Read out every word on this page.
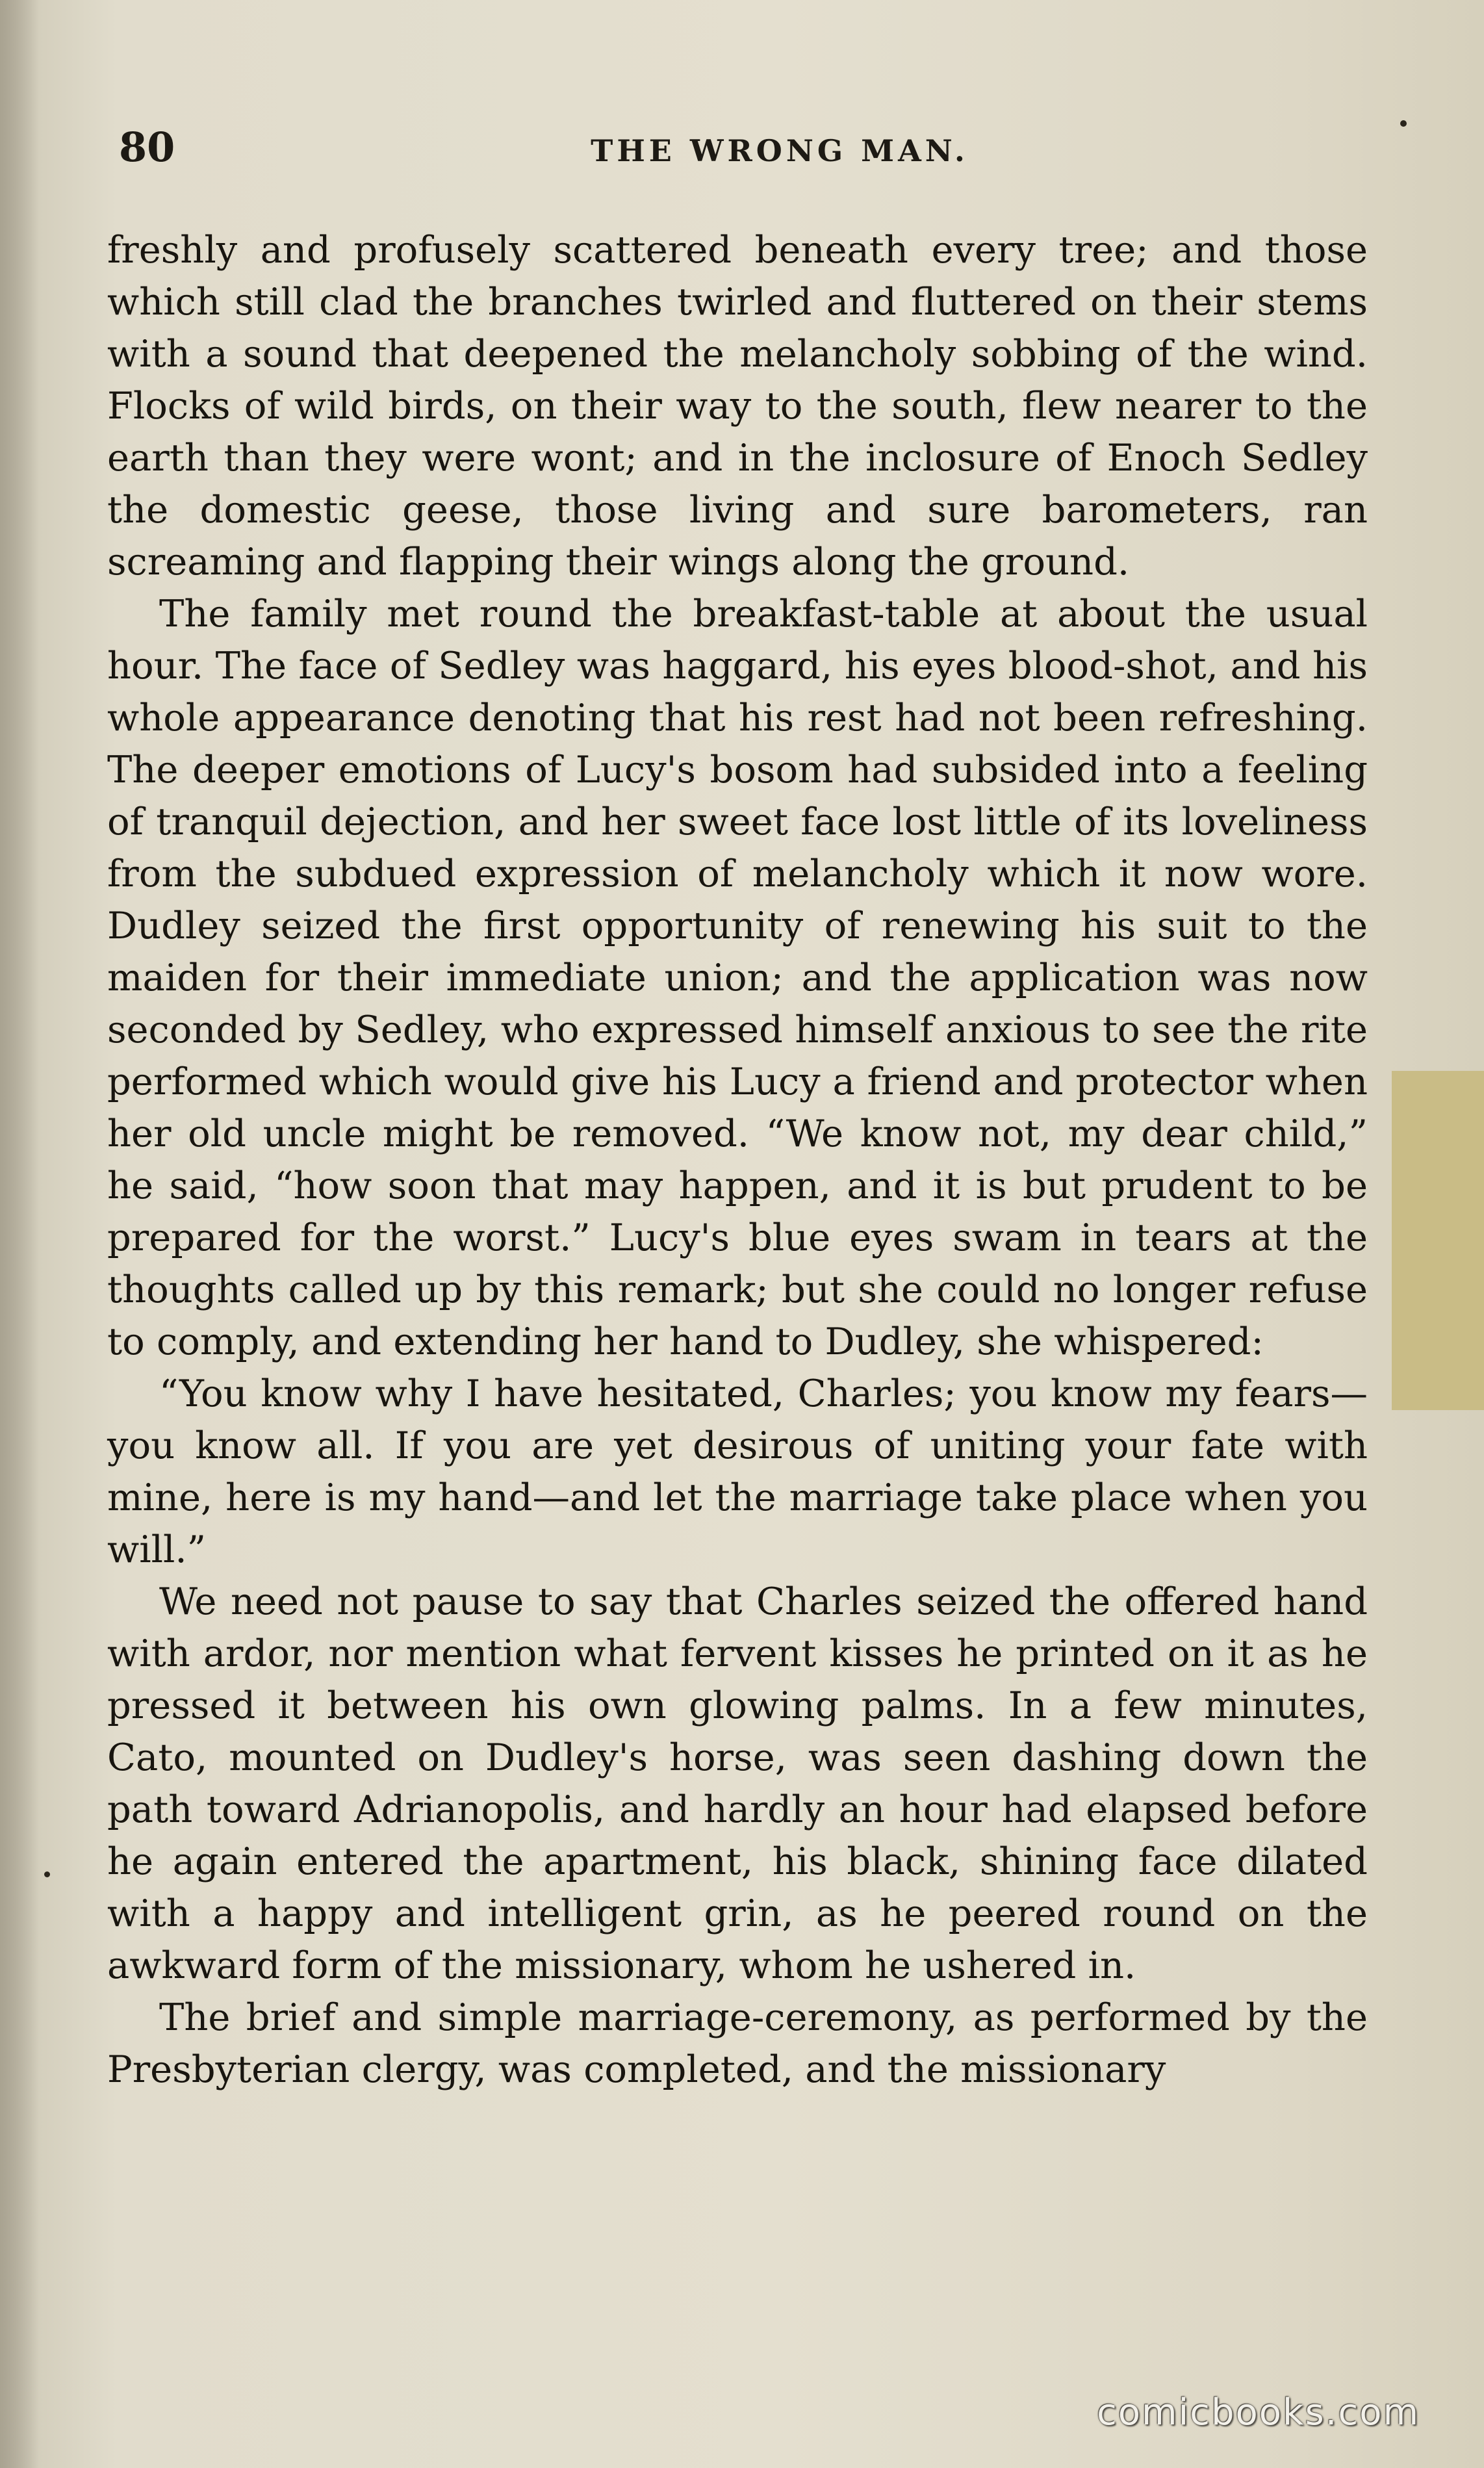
80	THE WRONG MAN.

freshly and profusely scattered beneath every tree; and those which still clad the branches twirled and fluttered on their stems with a sound that deepened the melancholy sobbing of the wind. Flocks of wild birds, on their way to the south, flew nearer to the earth than they were wont; and in the inclosure of Enoch Sedley the domestic geese, those living and sure barometers, ran screaming and flapping their wings along the ground.

The family met round the breakfast-table at about the usual hour. The face of Sedley was haggard, his eyes blood-shot, and his whole appearance denoting that his rest had not been refreshing. The deeper emotions of Lucy's bosom had subsided into a feeling of tranquil dejection, and her sweet face lost little of its loveliness from the subdued expression of melancholy which it now wore. Dudley seized the first opportunity of renewing his suit to the maiden for their immediate union; and the application was now seconded by Sedley, who expressed himself anxious to see the rite performed which would give his Lucy a friend and protector when her old uncle might be removed. “We know not, my dear child,” he said, “how soon that may happen, and it is but prudent to be prepared for the worst.” Lucy's blue eyes swam in tears at the thoughts called up by this remark; but she could no longer refuse to comply, and extending her hand to Dudley, she whispered:

“You know why I have hesitated, Charles; you know my fears—you know all. If you are yet desirous of uniting your fate with mine, here is my hand—and let the marriage take place when you will.”

We need not pause to say that Charles seized the offered hand with ardor, nor mention what fervent kisses he printed on it as he pressed it between his own glowing palms. In a few minutes, Cato, mounted on Dudley's horse, was seen dashing down the path toward Adrianopolis, and hardly an hour had elapsed before he again entered the apartment, his black, shining face dilated with a happy and intelligent grin, as he peered round on the awkward form of the missionary, whom he ushered in.

The brief and simple marriage-ceremony, as performed by the Presbyterian clergy, was completed, and the missionary

comicbooks.com
